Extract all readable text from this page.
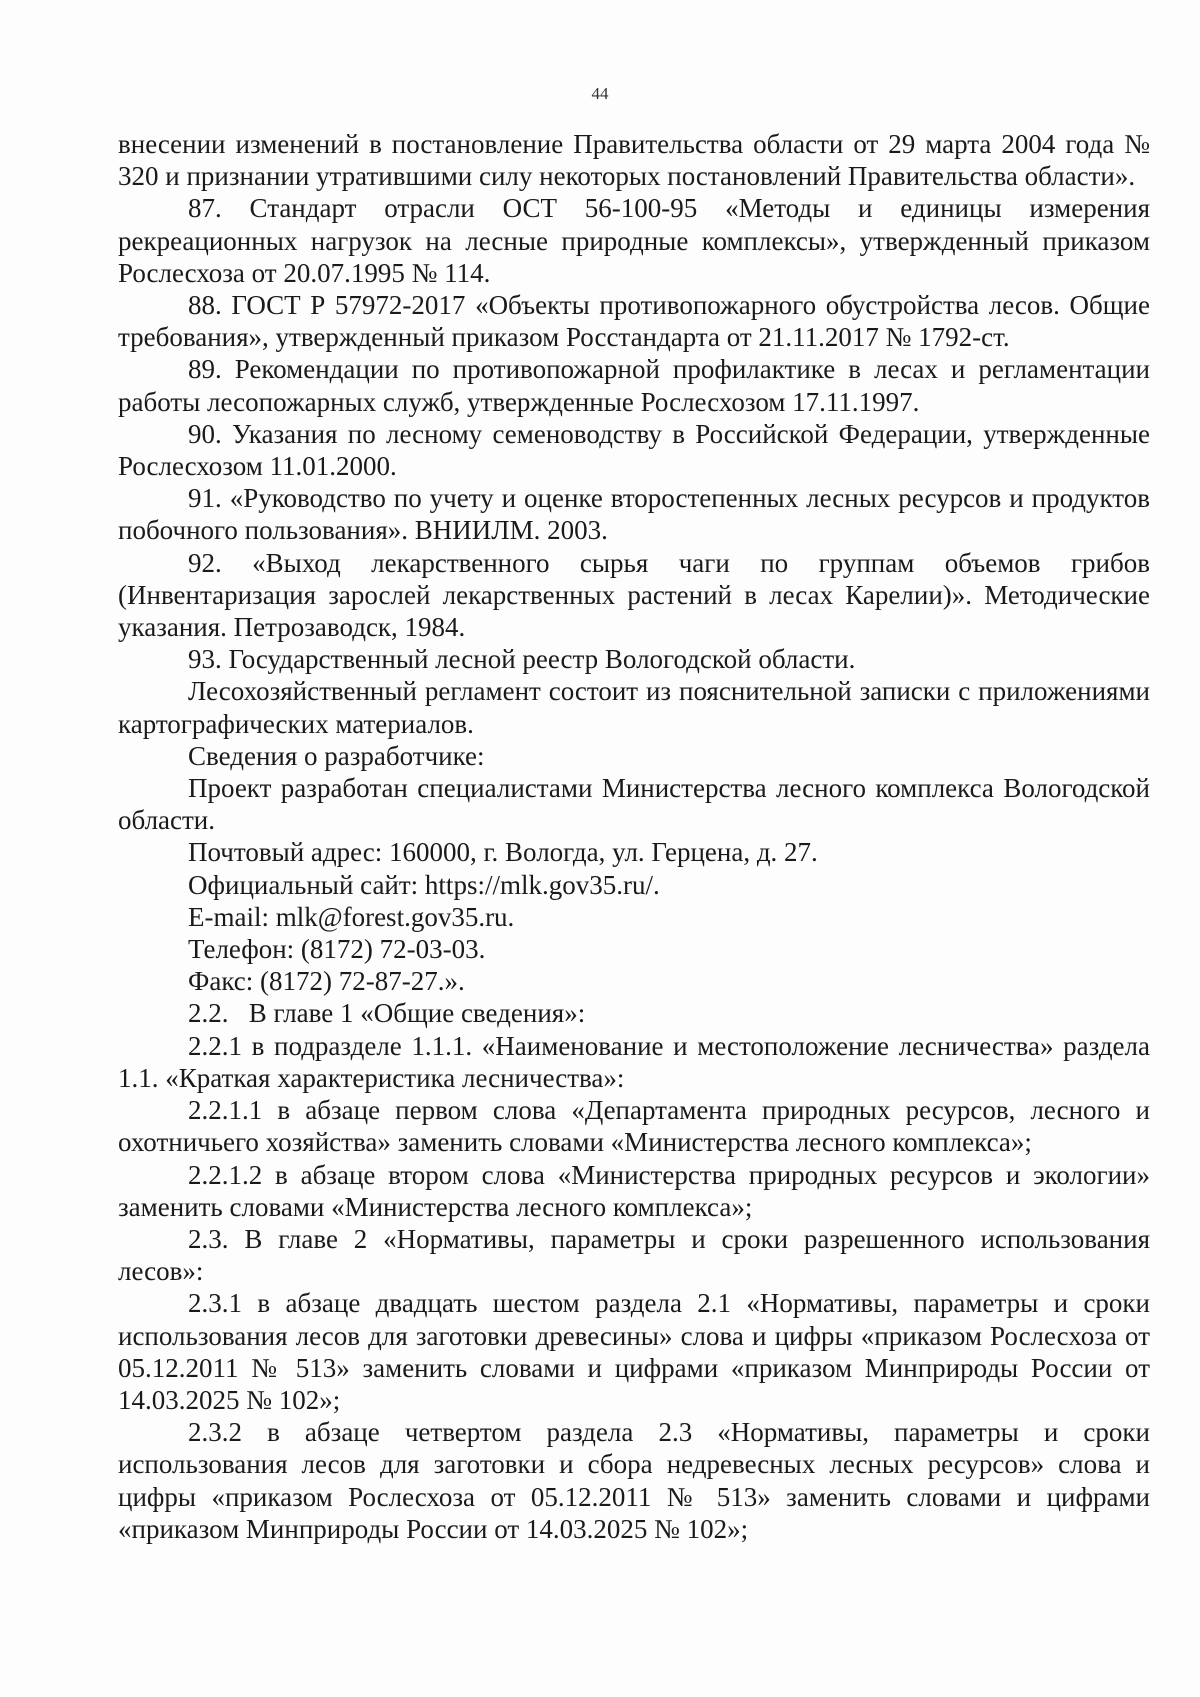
44

внесении изменений в постановление Правительства области от 29 марта 2004 года № 320 и признании утратившими силу некоторых постановлений Правительства области».

87. Стандарт отрасли ОСТ 56-100-95 «Методы и единицы измерения рекреационных нагрузок на лесные природные комплексы», утвержденный приказом Рослесхоза от 20.07.1995 № 114.

88. ГОСТ Р 57972-2017 «Объекты противопожарного обустройства лесов. Общие требования», утвержденный приказом Росстандарта от 21.11.2017 № 1792-ст.

89. Рекомендации по противопожарной профилактике в лесах и регламентации работы лесопожарных служб, утвержденные Рослесхозом 17.11.1997.

90. Указания по лесному семеноводству в Российской Федерации, утвержденные Рослесхозом 11.01.2000.

91. «Руководство по учету и оценке второстепенных лесных ресурсов и продуктов побочного пользования». ВНИИЛМ. 2003.

92. «Выход лекарственного сырья чаги по группам объемов грибов (Инвентаризация зарослей лекарственных растений в лесах Карелии)». Методические указания. Петрозаводск, 1984.

93. Государственный лесной реестр Вологодской области.

Лесохозяйственный регламент состоит из пояснительной записки с приложениями картографических материалов.

Сведения о разработчике:

Проект разработан специалистами Министерства лесного комплекса Вологодской области.

Почтовый адрес: 160000, г. Вологда, ул. Герцена, д. 27.

Официальный сайт: https://mlk.gov35.ru/.

E-mail: mlk@forest.gov35.ru.

Телефон: (8172) 72-03-03.

Факс: (8172) 72-87-27.».

2.2.   В главе 1 «Общие сведения»:

2.2.1 в подразделе 1.1.1. «Наименование и местоположение лесничества» раздела 1.1. «Краткая характеристика лесничества»:

2.2.1.1 в абзаце первом слова «Департамента природных ресурсов, лесного и охотничьего хозяйства» заменить словами «Министерства лесного комплекса»;

2.2.1.2 в абзаце втором слова «Министерства природных ресурсов и экологии» заменить словами «Министерства лесного комплекса»;

2.3. В главе 2 «Нормативы, параметры и сроки разрешенного использования лесов»:

2.3.1 в абзаце двадцать шестом раздела 2.1 «Нормативы, параметры и сроки использования лесов для заготовки древесины» слова и цифры «приказом Рослесхоза от 05.12.2011 № 513» заменить словами и цифрами «приказом Минприроды России от 14.03.2025 № 102»;

2.3.2 в абзаце четвертом раздела 2.3 «Нормативы, параметры и сроки использования лесов для заготовки и сбора недревесных лесных ресурсов» слова и цифры «приказом Рослесхоза от 05.12.2011 № 513» заменить словами и цифрами «приказом Минприроды России от 14.03.2025 № 102»;
